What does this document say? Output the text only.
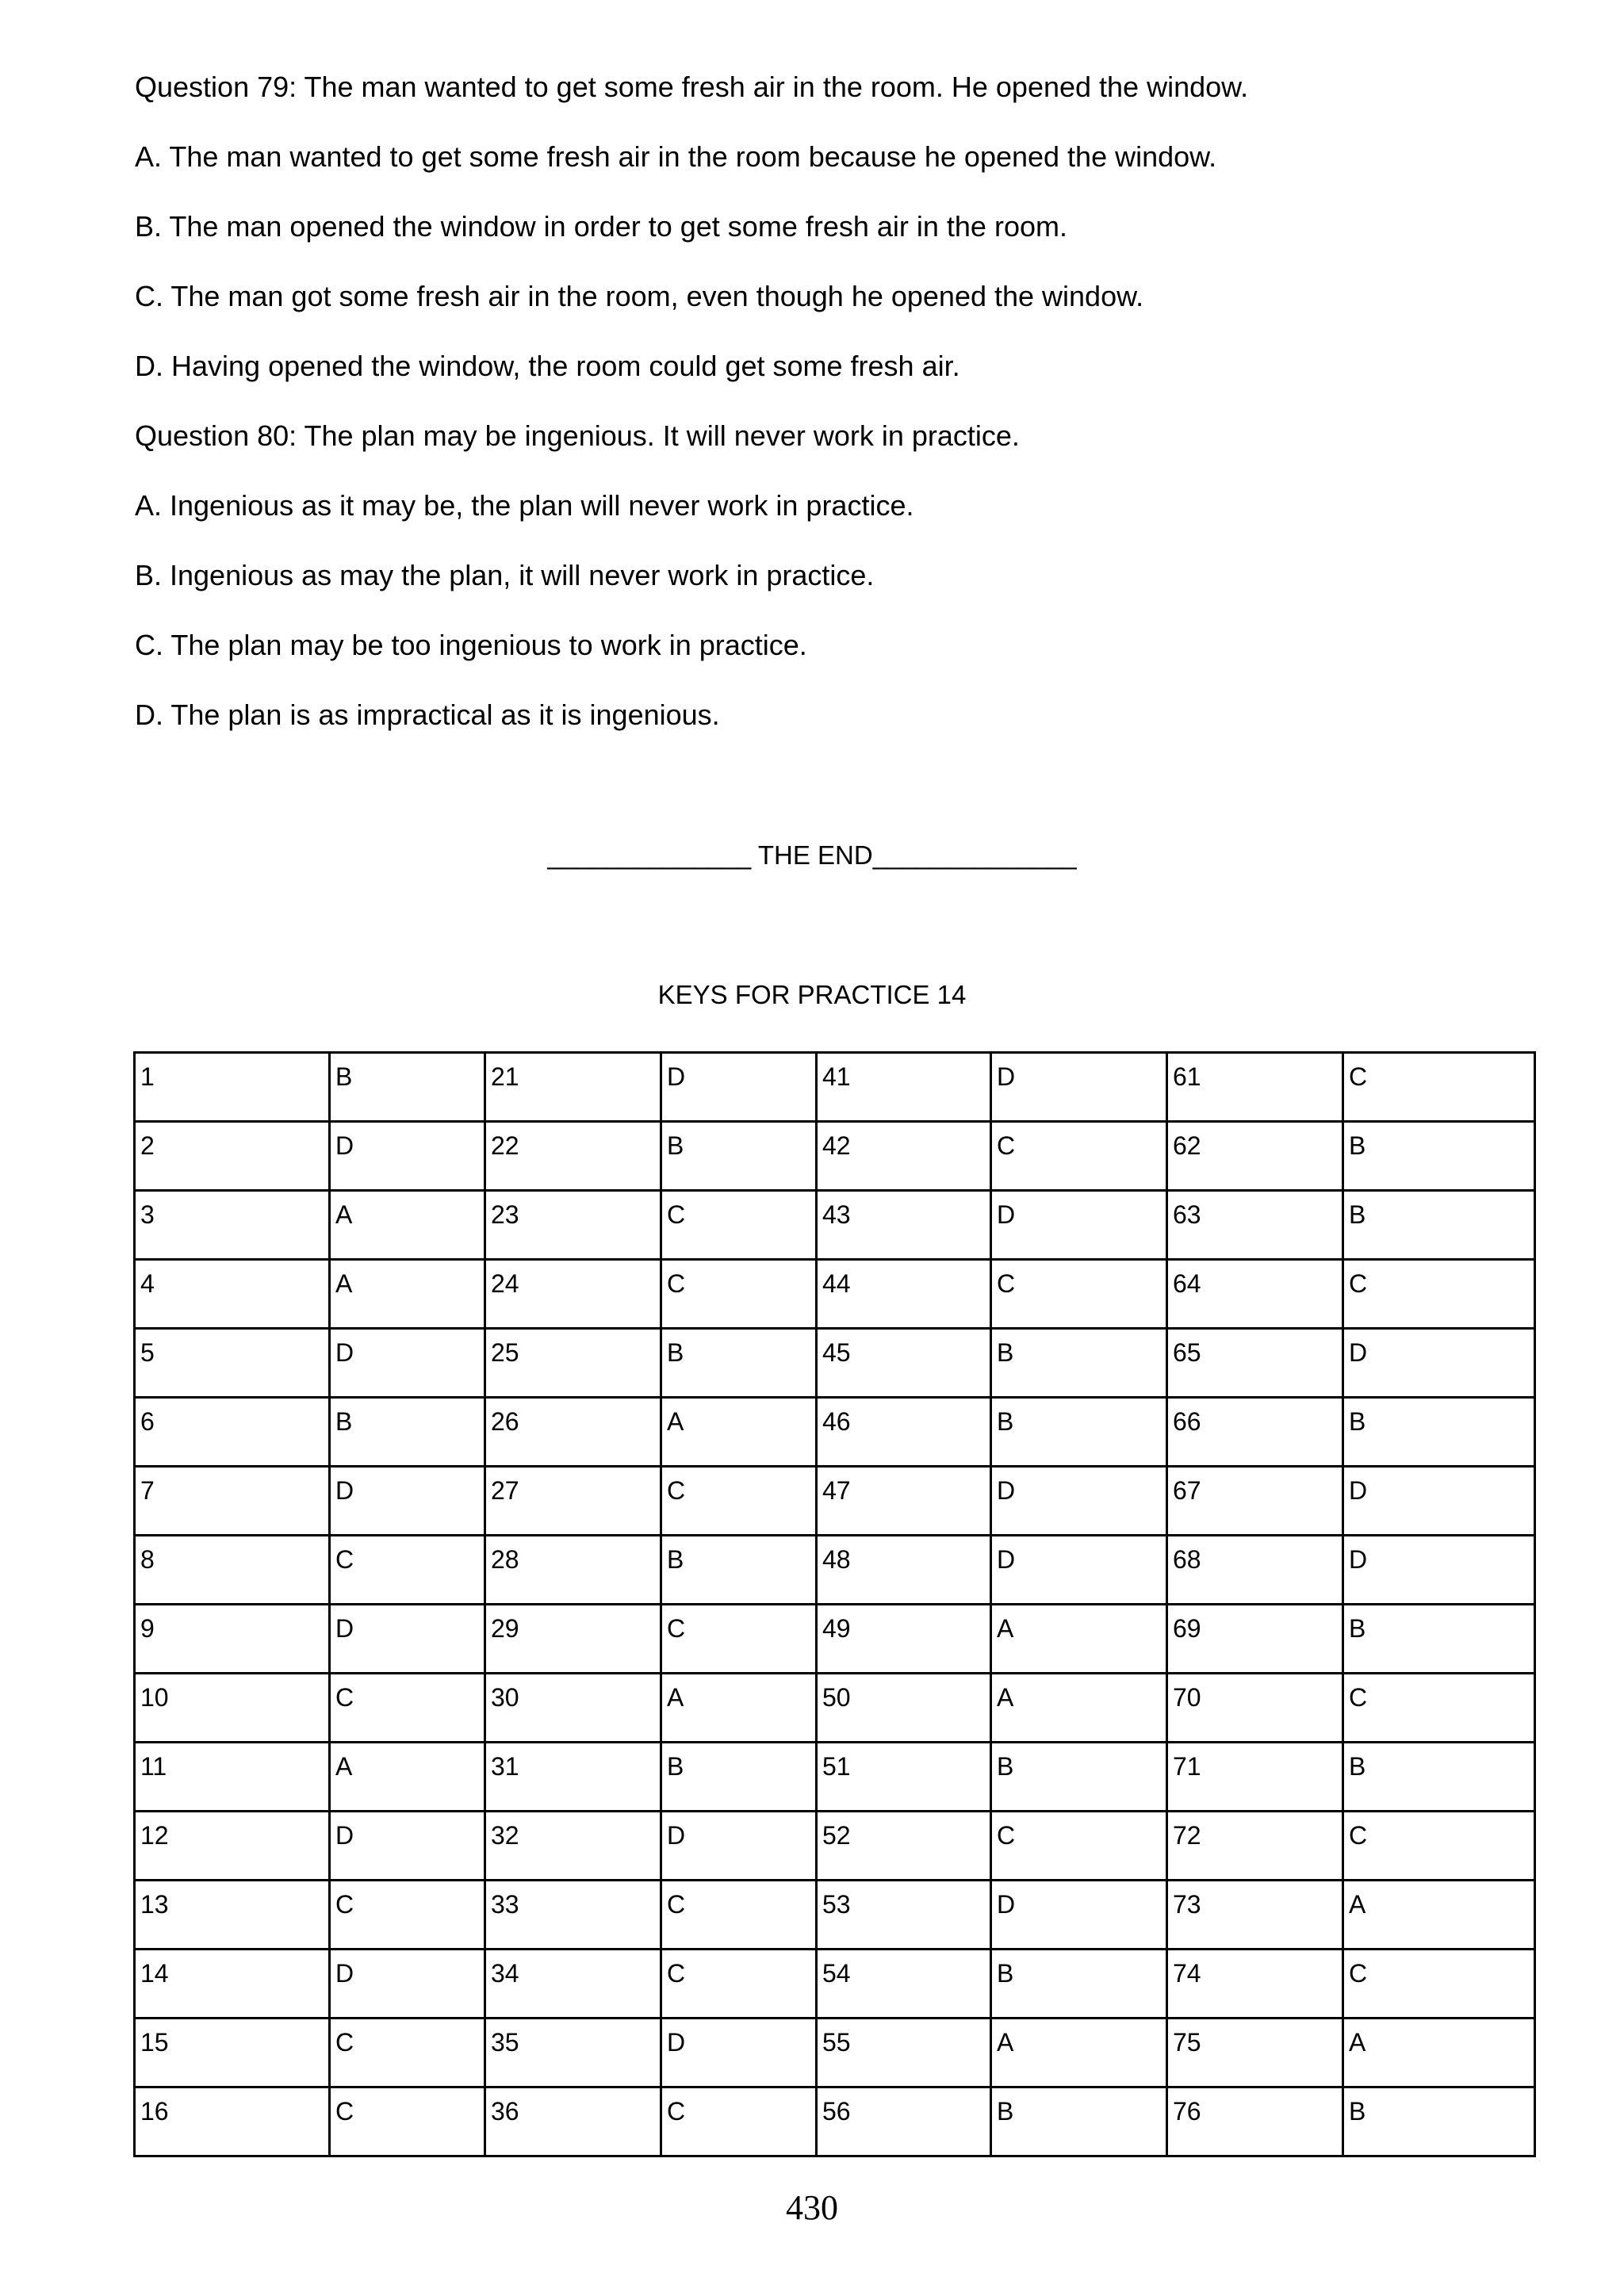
Question 79: The man wanted to get some fresh air in the room. He opened the window.
A. The man wanted to get some fresh air in the room because he opened the window.
B. The man opened the window in order to get some fresh air in the room.
C. The man got some fresh air in the room, even though he opened the window.
D. Having opened the window, the room could get some fresh air.
Question 80: The plan may be ingenious. It will never work in practice.
A. Ingenious as it may be, the plan will never work in practice.
B. Ingenious as may the plan, it will never work in practice.
C. The plan may be too ingenious to work in practice.
D. The plan is as impractical as it is ingenious.
______________ THE END______________
KEYS FOR PRACTICE 14
1	B	21	D	41	D	61	C
2	D	22	B	42	C	62	B
3	A	23	C	43	D	63	B
4	A	24	C	44	C	64	C
5	D	25	B	45	B	65	D
6	B	26	A	46	B	66	B
7	D	27	C	47	D	67	D
8	C	28	B	48	D	68	D
9	D	29	C	49	A	69	B
10	C	30	A	50	A	70	C
11	A	31	B	51	B	71	B
12	D	32	D	52	C	72	C
13	C	33	C	53	D	73	A
14	D	34	C	54	B	74	C
15	C	35	D	55	A	75	A
16	C	36	C	56	B	76	B
430
